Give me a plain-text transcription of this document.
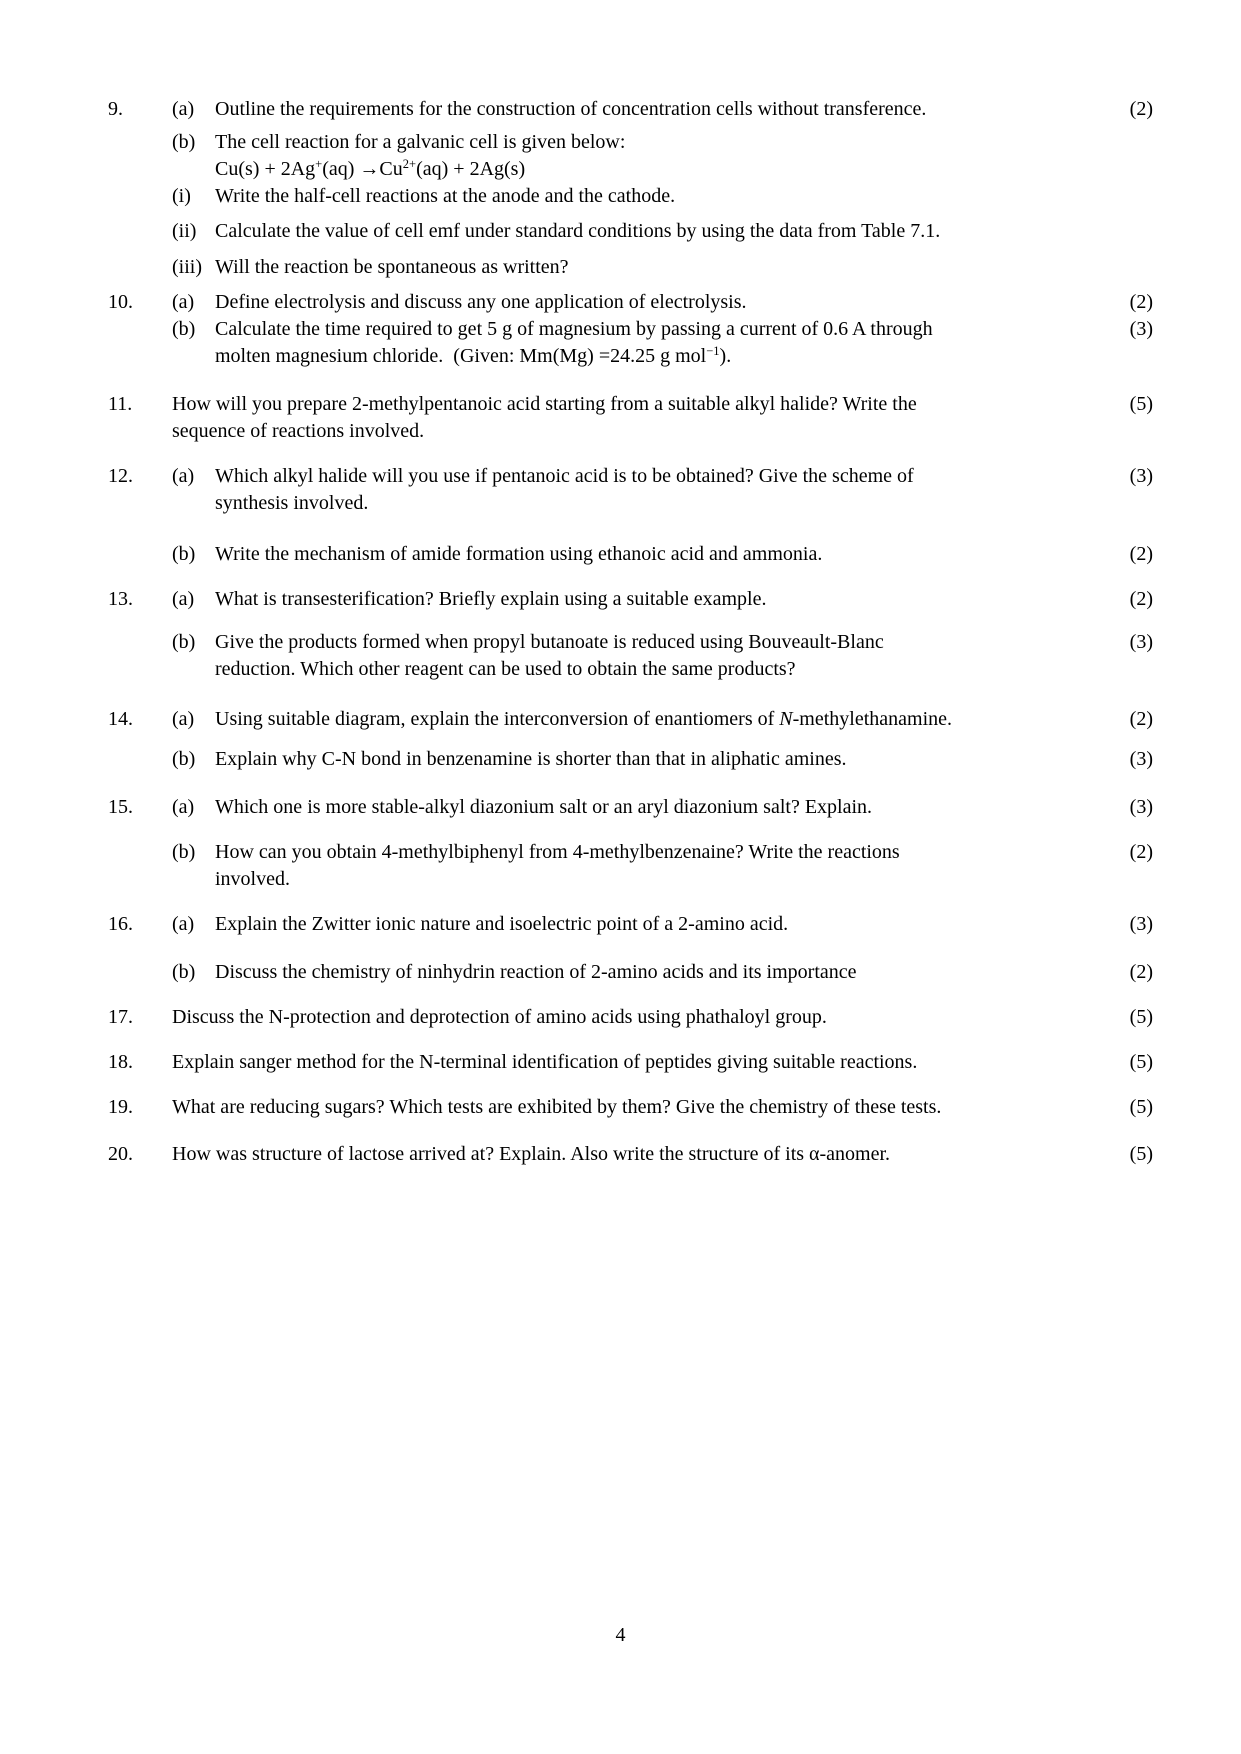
9.	(a)	Outline the requirements for the construction of concentration cells without transference.	(2)
(b) The cell reaction for a galvanic cell is given below:
$Cu(s) + 2Ag^+(aq) \to Cu^{2+}(aq) + 2Ag(s)$
(i)	Write the half-cell reactions at the anode and the cathode.
(ii) Calculate the value of cell emf under standard conditions by using the data from Table 7.1.
(iii) Will the reaction be spontaneous as written?
10.	(a)	Define electrolysis and discuss any one application of electrolysis.	(2)
(b) Calculate the time required to get 5 g of magnesium by passing a current of 0.6 A through
molten magnesium chloride.  (Given: Mm(Mg) =24.25 g mol$^{-1}$).
(3)
11.	How will you prepare 2-methylpentanoic acid starting from a suitable alkyl halide? Write the
sequence of reactions involved.
(5)
12.	(a)	Which alkyl halide will you use if pentanoic acid is to be obtained? Give the scheme of
synthesis involved.
(3)
(b) Write the mechanism of amide formation using ethanoic acid and ammonia.	(2)
13.	(a)	What is transesterification? Briefly explain using a suitable example.	(2)
(b) Give the products formed when propyl butanoate is reduced using Bouveault-Blanc
reduction. Which other reagent can be used to obtain the same products?
(3)
14.	(a)	Using suitable diagram, explain the interconversion of enantiomers of N-methylethanamine.	(2)
(b) Explain why C-N bond in benzenamine is shorter than that in aliphatic amines.	(3)
15.	(a)	Which one is more stable-alkyl diazonium salt or an aryl diazonium salt? Explain.	(3)
(b) How can you obtain 4-methylbiphenyl from 4-methylbenzenaine? Write the reactions
involved.
(2)
16.	(a)	Explain the Zwitter ionic nature and isoelectric point of a 2-amino acid.	(3)
(b) Discuss the chemistry of ninhydrin reaction of 2-amino acids and its importance	(2)
17.	Discuss the N-protection and deprotection of amino acids using phathaloyl group.	(5)
18.	Explain sanger method for the N-terminal identification of peptides giving suitable reactions.	(5)
19.	What are reducing sugars? Which tests are exhibited by them? Give the chemistry of these tests.	(5)
20.	How was structure of lactose arrived at? Explain. Also write the structure of its α-anomer.	(5)
4
